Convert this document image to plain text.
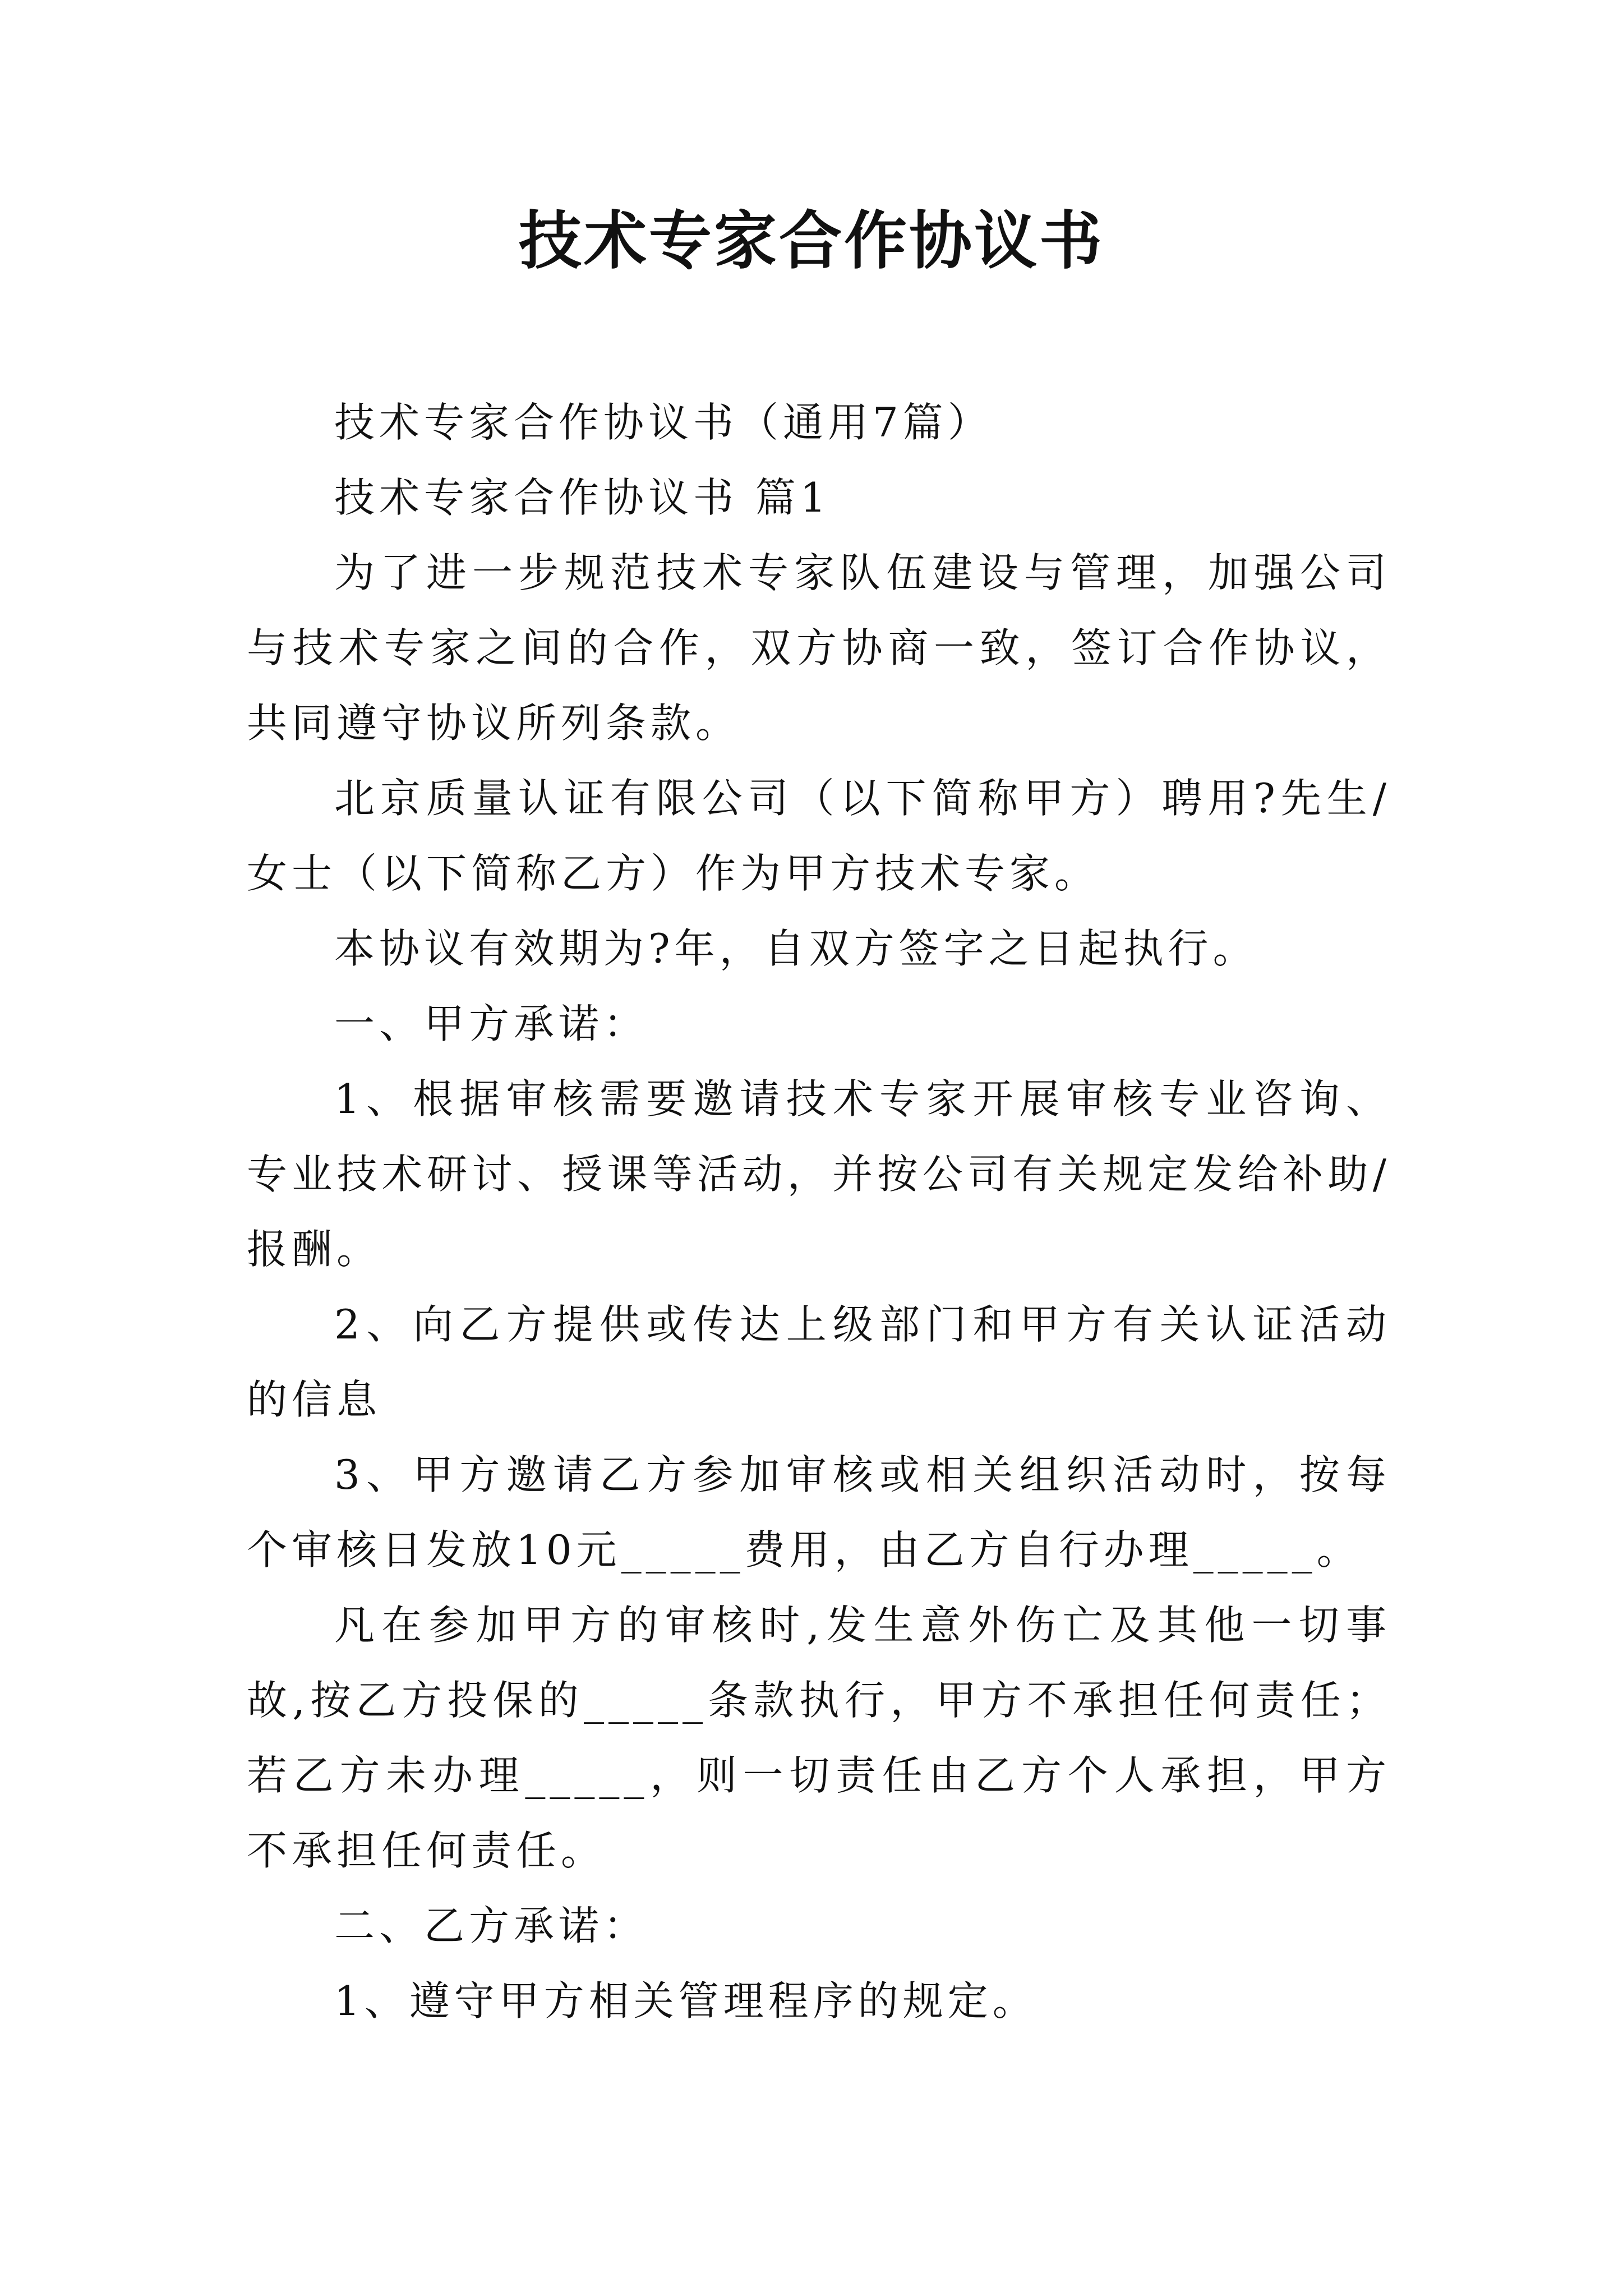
技术专家合作协议书

技术专家合作协议书（通用7篇）

技术专家合作协议书 篇1

为了进一步规范技术专家队伍建设与管理，加强公司与技术专家之间的合作，双方协商一致，签订合作协议，共同遵守协议所列条款。

北京质量认证有限公司（以下简称甲方）聘用?先生/女士（以下简称乙方）作为甲方技术专家。

本协议有效期为?年，自双方签字之日起执行。

一、甲方承诺：

1、根据审核需要邀请技术专家开展审核专业咨询、专业技术研讨、授课等活动，并按公司有关规定发给补助/报酬。

2、向乙方提供或传达上级部门和甲方有关认证活动的信息

3、甲方邀请乙方参加审核或相关组织活动时，按每个审核日发放10元_____费用，由乙方自行办理_____。

凡在参加甲方的审核时,发生意外伤亡及其他一切事故,按乙方投保的_____条款执行，甲方不承担任何责任；若乙方未办理_____，则一切责任由乙方个人承担，甲方不承担任何责任。

二、乙方承诺：

1、遵守甲方相关管理程序的规定。
